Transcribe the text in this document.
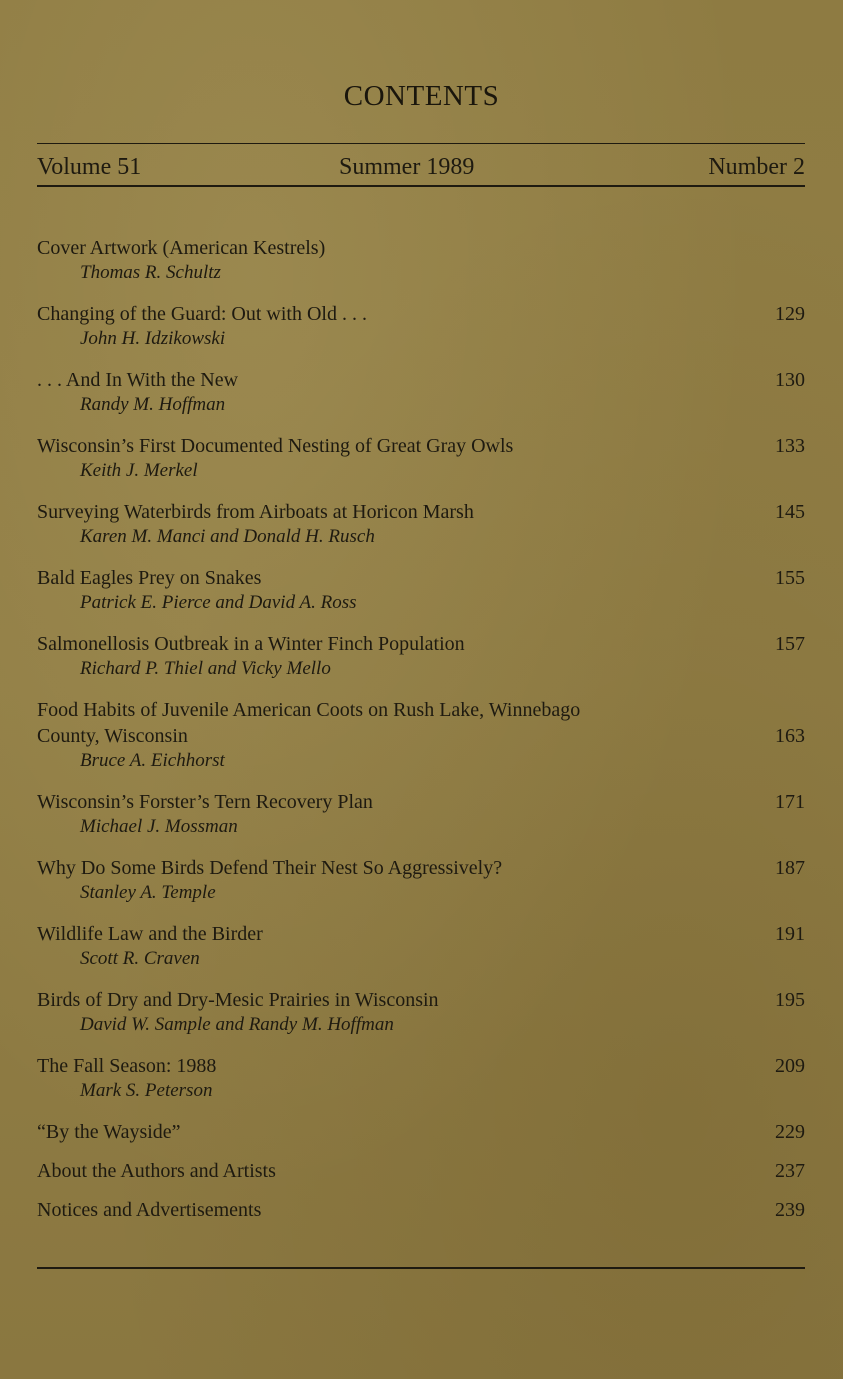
CONTENTS
Volume 51	Summer 1989	Number 2
Cover Artwork (American Kestrels)
Thomas R. Schultz
Changing of the Guard: Out with Old . . .	129
John H. Idzikowski
. . . And In With the New	130
Randy M. Hoffman
Wisconsin’s First Documented Nesting of Great Gray Owls	133
Keith J. Merkel
Surveying Waterbirds from Airboats at Horicon Marsh	145
Karen M. Manci and Donald H. Rusch
Bald Eagles Prey on Snakes	155
Patrick E. Pierce and David A. Ross
Salmonellosis Outbreak in a Winter Finch Population	157
Richard P. Thiel and Vicky Mello
Food Habits of Juvenile American Coots on Rush Lake, Winnebago
County, Wisconsin	163
Bruce A. Eichhorst
Wisconsin’s Forster’s Tern Recovery Plan	171
Michael J. Mossman
Why Do Some Birds Defend Their Nest So Aggressively?	187
Stanley A. Temple
Wildlife Law and the Birder	191
Scott R. Craven
Birds of Dry and Dry-Mesic Prairies in Wisconsin	195
David W. Sample and Randy M. Hoffman
The Fall Season: 1988	209
Mark S. Peterson
“By the Wayside”	229
About the Authors and Artists	237
Notices and Advertisements	239
